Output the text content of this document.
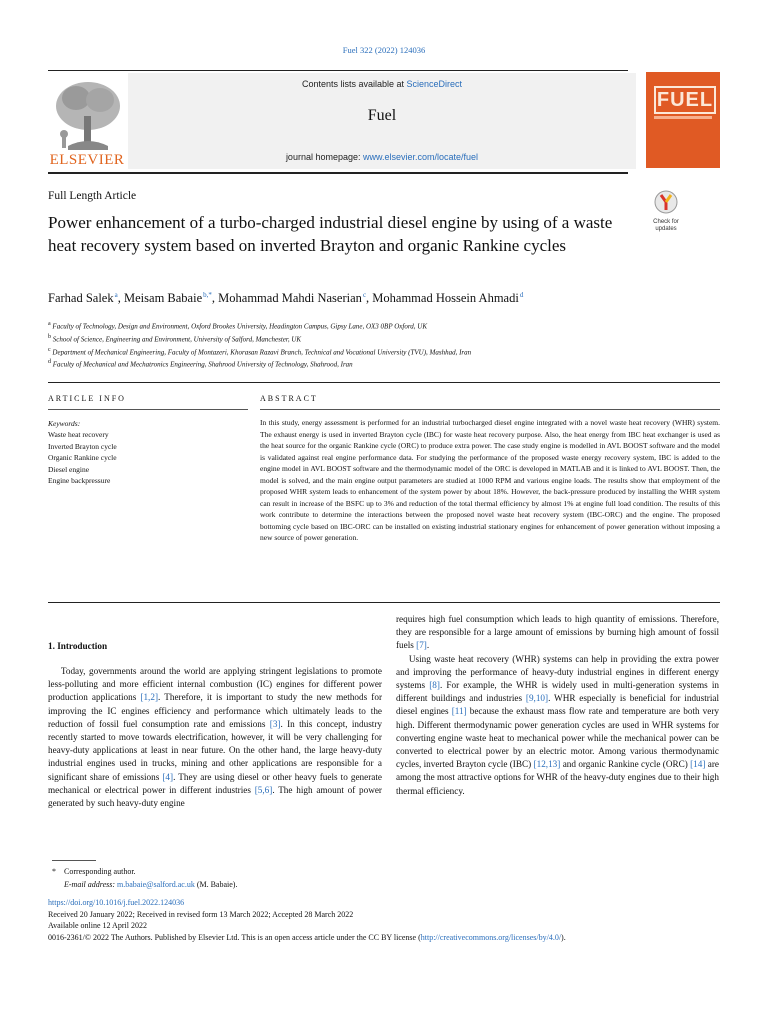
Fuel 322 (2022) 124036
ELSEVIER
Contents lists available at ScienceDirect
Fuel
journal homepage: www.elsevier.com/locate/fuel
FUEL
Full Length Article
Power enhancement of a turbo-charged industrial diesel engine by using of a waste heat recovery system based on inverted Brayton and organic Rankine cycles
Check for updates
Farhad Salek $^a$, Meisam Babaie $^{b,*}$, Mohammad Mahdi Naserian $^c$, Mohammad Hossein Ahmadi $^d$
$^a$ Faculty of Technology, Design and Environment, Oxford Brookes University, Headington Campus, Gipsy Lane, OX3 0BP Oxford, UK
$^b$ School of Science, Engineering and Environment, University of Salford, Manchester, UK
$^c$ Department of Mechanical Engineering, Faculty of Montazeri, Khorasan Razavi Branch, Technical and Vocational University (TVU), Mashhad, Iran
$^d$ Faculty of Mechanical and Mechatronics Engineering, Shahrood University of Technology, Shahrood, Iran
ARTICLE INFO	ABSTRACT
Keywords:
Waste heat recovery
Inverted Brayton cycle
Organic Rankine cycle
Diesel engine
Engine backpressure
In this study, energy assessment is performed for an industrial turbocharged diesel engine integrated with a novel waste heat recovery (WHR) system. The exhaust energy is used in inverted Brayton cycle (IBC) for waste heat recovery purpose. Also, the heat energy from IBC heat exchanger is used as the heat source for the organic Rankine cycle (ORC) to produce extra power. The case study engine is modelled in AVL BOOST software and the model is validated against real engine performance data. For studying the performance of the proposed waste energy recovery system, IBC is added to the engine model in AVL BOOST software and the thermodynamic model of the ORC is developed in MATLAB and it is linked to AVL BOOST. Then, the model is solved, and the main engine output parameters are studied at 1000 RPM and various engine loads. The results show that employment of the proposed WHR system leads to enhancement of the system power by about 18%. However, the back-pressure produced by installing the WHR system can result in increase of the BSFC up to 3% and reduction of the total thermal efficiency by almost 1% at engine full load condition. The results of this work contribute to determine the interactions between the proposed novel waste heat recovery system (IBC-ORC) and the engine. The proposed bottoming cycle based on IBC-ORC can be installed on existing industrial stationary engines for enhancement of power generation without imposing a new source of power generation.
1. Introduction

Today, governments around the world are applying stringent legislations to promote less-polluting and more efficient internal combustion (IC) engines for different power production applications [1,2]. Therefore, it is important to study the new methods for improving the IC engines efficiency and performance which ultimately leads to the reduction of fossil fuel consumption rate and emissions [3]. In this concept, industry recently started to move towards electrification, however, it will be very challenging for heavy-duty applications at least in near future. On the other hand, the large heavy-duty industrial engines used in trucks, mining and other applications are responsible for a significant share of emissions [4]. They are using diesel or other heavy fuels to generate mechanical or electrical power in different industries [5,6]. The high amount of power generated by such heavy-duty engine

requires high fuel consumption which leads to high quantity of emissions. Therefore, they are responsible for a large amount of emissions by burning high amount of fossil fuels [7].

Using waste heat recovery (WHR) systems can help in providing the extra power and improving the performance of heavy-duty industrial engines in different energy systems [8]. For example, the WHR is widely used in multi-generation systems in different buildings and industries [9,10]. WHR especially is beneficial for industrial diesel engines [11] because the exhaust mass flow rate and temperature are both very high. Different thermodynamic power generation cycles are used in WHR systems for converting engine waste heat to mechanical power while the mechanical power can be converted to electrical power by an electric motor. Among various thermodynamic cycles, inverted Brayton cycle (IBC) [12,13] and organic Rankine cycle (ORC) [14] are among the most attractive options for WHR of the heavy-duty engines due to their high thermal efficiency.

* Corresponding author.
E-mail address: m.babaie@salford.ac.uk (M. Babaie).
https://doi.org/10.1016/j.fuel.2022.124036
Received 20 January 2022; Received in revised form 13 March 2022; Accepted 28 March 2022
Available online 12 April 2022
0016-2361/© 2022 The Authors. Published by Elsevier Ltd. This is an open access article under the CC BY license (http://creativecommons.org/licenses/by/4.0/).
